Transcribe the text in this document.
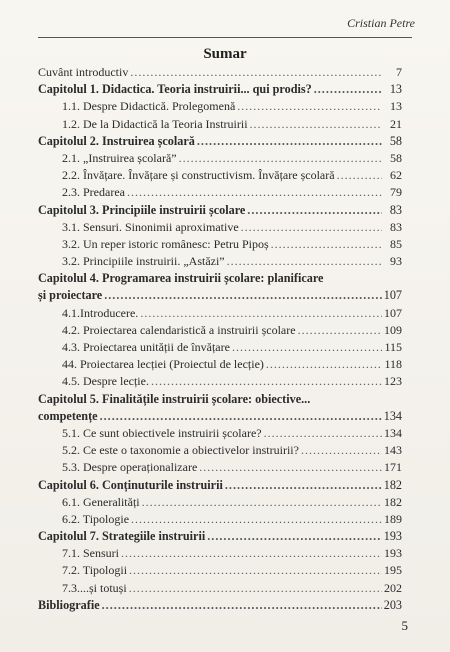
Cristian Petre
Sumar
Cuvânt introductiv .....	7
Capitolul 1. Didactica. Teoria instruirii... qui prodis? .....	13
1.1. Despre Didactică. Prolegomenă .....	13
1.2. De la Didactică la Teoria Instruirii .....	21
Capitolul 2. Instruirea școlară .....	58
2.1. „Instruirea școlară” .....	58
2.2. Învățare. Învățare și constructivism. Învățare școlară .....	62
2.3. Predarea .....	79
Capitolul 3. Principiile instruirii școlare .....	83
3.1. Sensuri. Sinonimii aproximative .....	83
3.2. Un reper istoric românesc: Petru Pipoș .....	85
3.2. Principiile instruirii. „Astăzi” .....	93
Capitolul 4. Programarea instruirii școlare: planificare
și proiectare .....	107
4.1.Introducere. .....	107
4.2. Proiectarea calendaristică a instruirii școlare .....	109
4.3. Proiectarea unității de învățare .....	115
44. Proiectarea lecției (Proiectul de lecție) .....	118
4.5. Despre lecție. .....	123
Capitolul 5. Finalitățile instruirii școlare: obiective...
competențe .....	134
5.1. Ce sunt obiectivele instruirii școlare? .....	134
5.2. Ce este o taxonomie a obiectivelor instruirii? .....	143
5.3. Despre operaționalizare .....	171
Capitolul 6. Conținuturile instruirii .....	182
6.1. Generalități .....	182
6.2. Tipologie .....	189
Capitolul 7. Strategiile instruirii .....	193
7.1. Sensuri .....	193
7.2. Tipologii .....	195
7.3....și totuși .....	202
Bibliografie .....	203
5
